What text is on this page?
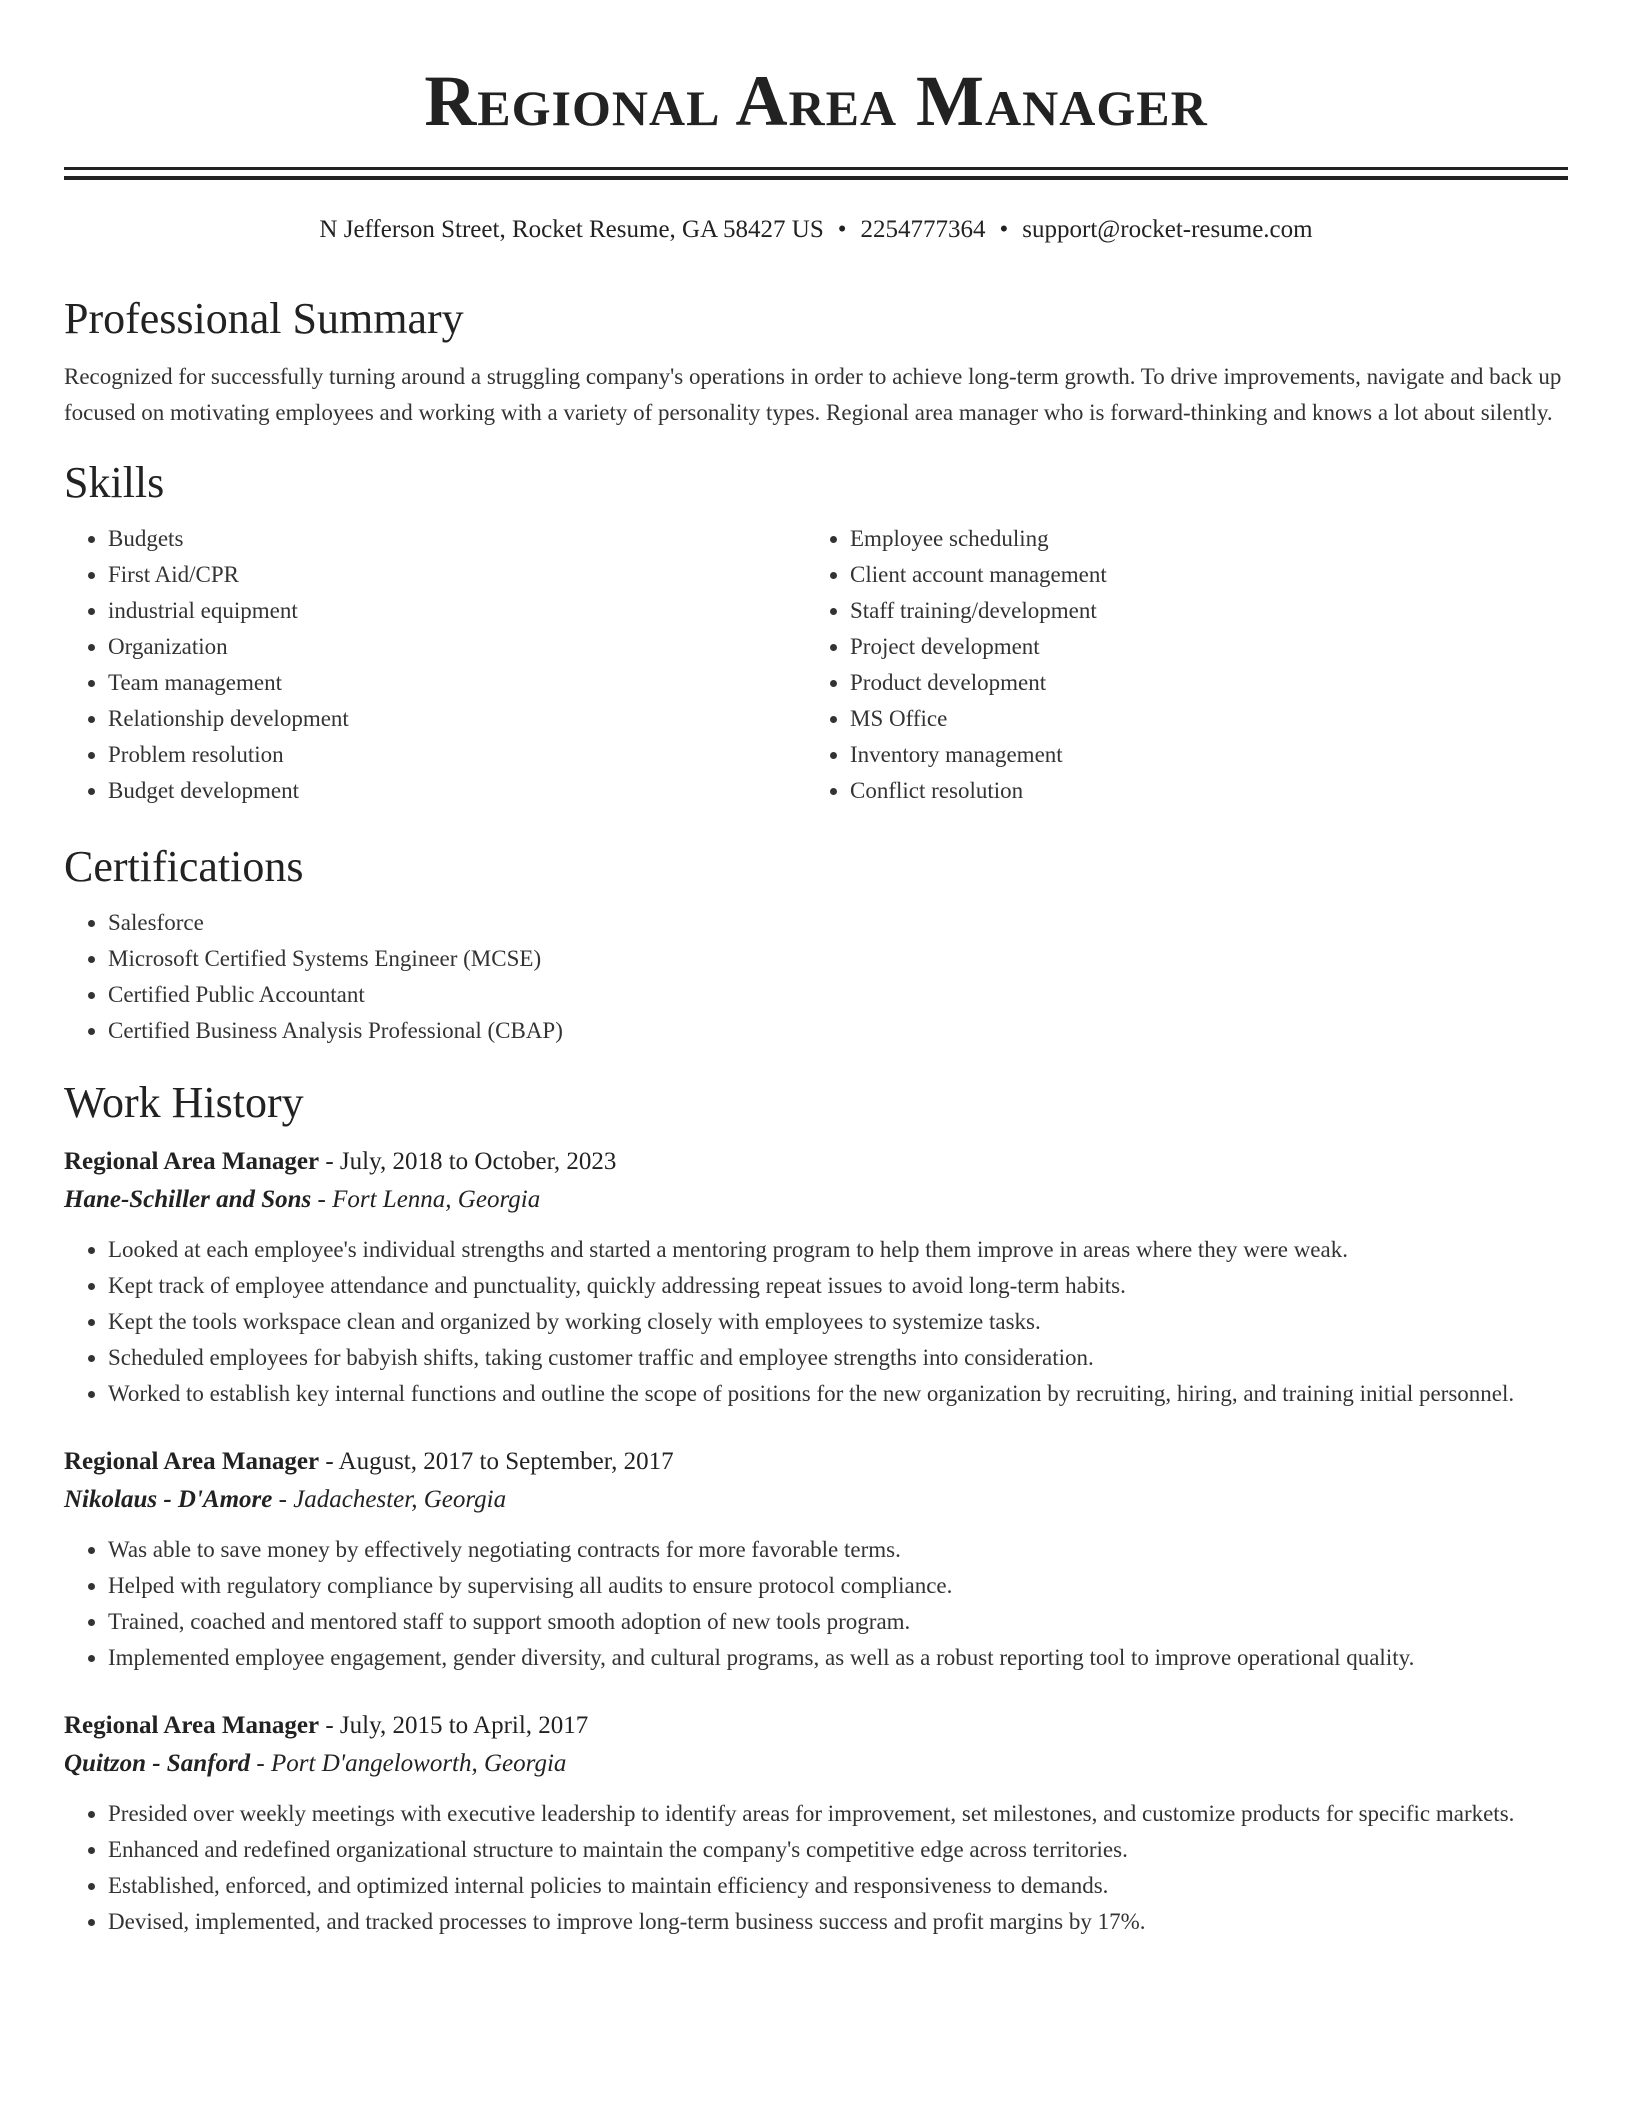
Regional Area Manager
N Jefferson Street, Rocket Resume, GA 58427 US • 2254777364 • support@rocket-resume.com
Professional Summary

Recognized for successfully turning around a struggling company's operations in order to achieve long-term growth. To drive improvements, navigate and back up focused on motivating employees and working with a variety of personality types. Regional area manager who is forward-thinking and knows a lot about silently.

Skills
• Budgets
• First Aid/CPR
• industrial equipment
• Organization
• Team management
• Relationship development
• Problem resolution
• Budget development
• Employee scheduling
• Client account management
• Staff training/development
• Project development
• Product development
• MS Office
• Inventory management
• Conflict resolution
Certifications
• Salesforce
• Microsoft Certified Systems Engineer (MCSE)
• Certified Public Accountant
• Certified Business Analysis Professional (CBAP)
Work History
Regional Area Manager - July, 2018 to October, 2023
Hane-Schiller and Sons - Fort Lenna, Georgia
• Looked at each employee's individual strengths and started a mentoring program to help them improve in areas where they were weak.
• Kept track of employee attendance and punctuality, quickly addressing repeat issues to avoid long-term habits.
• Kept the tools workspace clean and organized by working closely with employees to systemize tasks.
• Scheduled employees for babyish shifts, taking customer traffic and employee strengths into consideration.
• Worked to establish key internal functions and outline the scope of positions for the new organization by recruiting, hiring, and training initial personnel.
Regional Area Manager - August, 2017 to September, 2017
Nikolaus - D'Amore - Jadachester, Georgia
• Was able to save money by effectively negotiating contracts for more favorable terms.
• Helped with regulatory compliance by supervising all audits to ensure protocol compliance.
• Trained, coached and mentored staff to support smooth adoption of new tools program.
• Implemented employee engagement, gender diversity, and cultural programs, as well as a robust reporting tool to improve operational quality.
Regional Area Manager - July, 2015 to April, 2017
Quitzon - Sanford - Port D'angeloworth, Georgia
• Presided over weekly meetings with executive leadership to identify areas for improvement, set milestones, and customize products for specific markets.
• Enhanced and redefined organizational structure to maintain the company's competitive edge across territories.
• Established, enforced, and optimized internal policies to maintain efficiency and responsiveness to demands.
• Devised, implemented, and tracked processes to improve long-term business success and profit margins by 17%.
